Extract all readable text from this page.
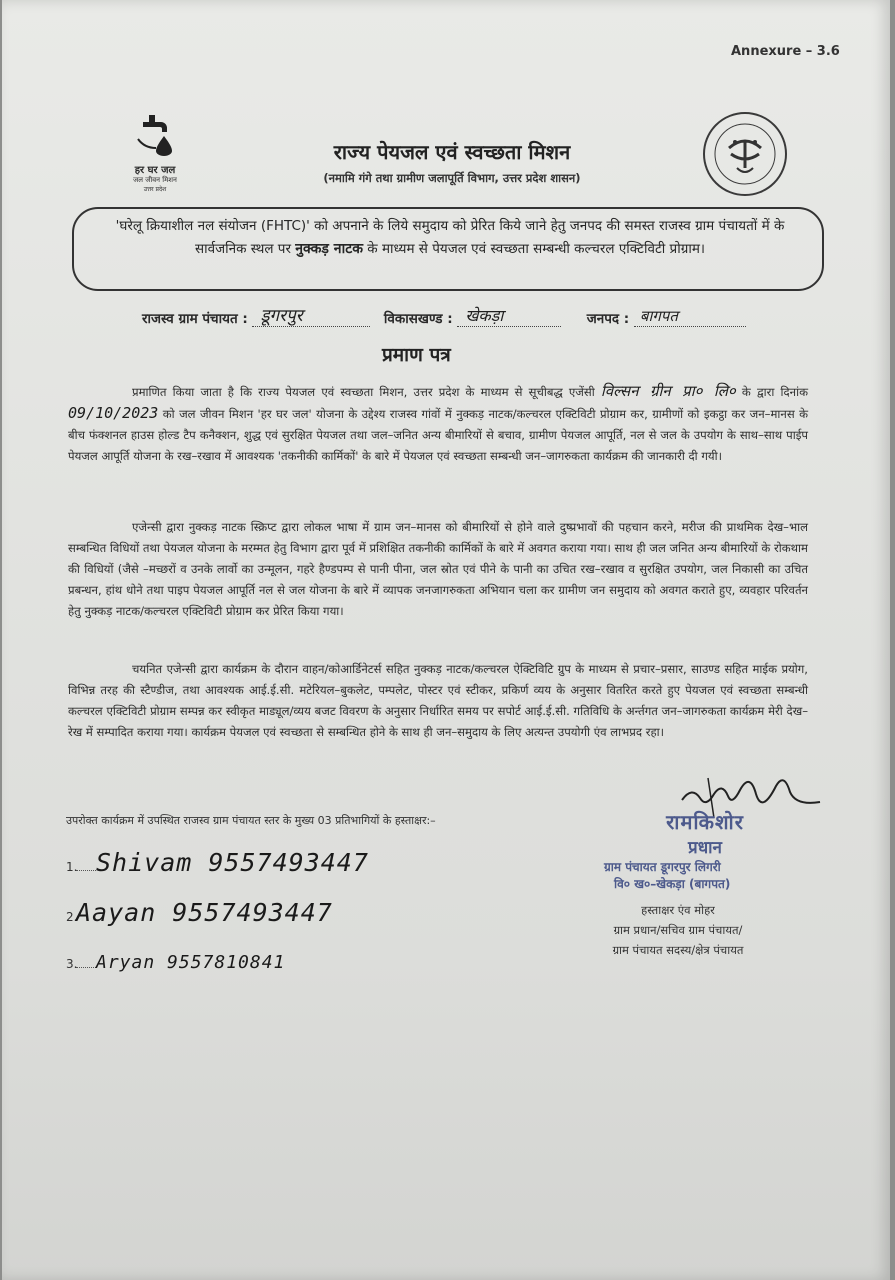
Annexure – 3.6
हर घर जल
जल जीवन मिशन
उत्तर प्रदेश
राज्य पेयजल एवं स्वच्छता मिशन
(नमामि गंगे तथा ग्रामीण जलापूर्ति विभाग, उत्तर प्रदेश शासन)
'घरेलू क्रियाशील नल संयोजन (FHTC)' को अपनाने के लिये समुदाय को प्रेरित किये जाने हेतु जनपद की समस्त राजस्व ग्राम पंचायतों में के सार्वजनिक स्थल पर नुक्कड़ नाटक के माध्यम से पेयजल एवं स्वच्छता सम्बन्धी कल्चरल एक्टिविटी प्रोग्राम।
राजस्व ग्राम पंचायत : डूगरपुर	विकासखण्ड : खेकड़ा	जनपद : बागपत
प्रमाण पत्र
प्रमाणित किया जाता है कि राज्य पेयजल एवं स्वच्छता मिशन, उत्तर प्रदेश के माध्यम से सूचीबद्ध एजेंसी विल्सन ग्रीन प्रा० लि० के द्वारा दिनांक 09/10/2023 को जल जीवन मिशन 'हर घर जल' योजना के उद्देश्य राजस्व गांवों में नुक्कड़ नाटक/कल्चरल एक्टिविटी प्रोग्राम कर, ग्रामीणों को इकट्ठा कर जन–मानस के बीच फंक्शनल हाउस होल्ड टैप कनैक्शन, शुद्ध एवं सुरक्षित पेयजल तथा जल–जनित अन्य बीमारियों से बचाव, ग्रामीण पेयजल आपूर्ति, नल से जल के उपयोग के साथ–साथ पाईप पेयजल आपूर्ति योजना के रख–रखाव में आवश्यक 'तकनीकी कार्मिकों' के बारे में पेयजल एवं स्वच्छता सम्बन्धी जन–जागरुकता कार्यक्रम की जानकारी दी गयी।
एजेन्सी द्वारा नुक्कड़ नाटक स्क्रिप्ट द्वारा लोकल भाषा में ग्राम जन–मानस को बीमारियों से होने वाले दुष्प्रभावों की पहचान करने, मरीज की प्राथमिक देख–भाल सम्बन्धित विधियों तथा पेयजल योजना के मरम्मत हेतु विभाग द्वारा पूर्व में प्रशिक्षित तकनीकी कार्मिकों के बारे में अवगत कराया गया। साथ ही जल जनित अन्य बीमारियों के रोकथाम की विधियों (जैसे –मच्छरों व उनके लार्वो का उन्मूलन, गहरे हैण्डपम्प से पानी पीना, जल स्रोत एवं पीने के पानी का उचित रख–रखाव व सुरक्षित उपयोग, जल निकासी का उचित प्रबन्धन, हांथ धोने तथा पाइप पेयजल आपूर्ति नल से जल योजना के बारे में व्यापक जनजागरुकता अभियान चला कर ग्रामीण जन समुदाय को अवगत कराते हुए, व्यवहार परिवर्तन हेतु नुक्कड़ नाटक/कल्चरल एक्टिविटी प्रोग्राम कर प्रेरित किया गया।
चयनित एजेन्सी द्वारा कार्यक्रम के दौरान वाहन/कोआर्डिनेटर्स सहित नुक्कड़ नाटक/कल्चरल ऐक्टिविटि ग्रुप के माध्यम से प्रचार–प्रसार, साउण्ड सहित माईक प्रयोग, विभिन्न तरह की स्टैण्डीज, तथा आवश्यक आई.ई.सी. मटेरियल–बुकलेट, पम्पलेट, पोस्टर एवं स्टीकर, प्रकिर्ण व्यय के अनुसार वितरित करते हुए पेयजल एवं स्वच्छता सम्बन्धी कल्चरल एक्टिविटी प्रोग्राम सम्पन्न कर स्वीकृत माड्यूल/व्यय बजट विवरण के अनुसार निर्धारित समय पर सपोर्ट आई.ई.सी. गतिविधि के अर्न्तगत जन–जागरुकता कार्यक्रम मेरी देख–रेख में सम्पादित कराया गया। कार्यक्रम पेयजल एवं स्वच्छता से सम्बन्धित होने के साथ ही जन–समुदाय के लिए अत्यन्त उपयोगी एंव लाभप्रद रहा।
उपरोक्त कार्यक्रम में उपस्थित राजस्व ग्राम पंचायत स्तर के मुख्य 03 प्रतिभागियों के हस्ताक्षर:–
1. Shivam 9557493447
2.Aayan 9557493447
3. Aryan 9557810841
रामकिशोर
प्रधान
ग्राम पंचायत डूगरपुर लिगरी
वि० ख०–खेकड़ा (बागपत)
हस्ताक्षर एंव मोहर
ग्राम प्रधान/सचिव ग्राम पंचायत/
ग्राम पंचायत सदस्य/क्षेत्र पंचायत
